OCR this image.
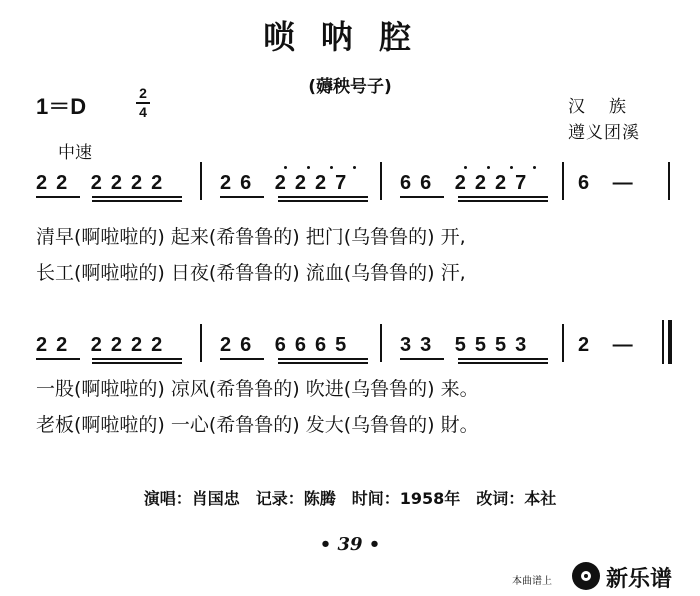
唢呐腔
(薅秧号子)
1＝D
2
4
中速
汉族
遵义团溪
22 2222 26 2227 66 2227 6 —
清早(啊啦啦的) 起来(希鲁鲁的) 把门(乌鲁鲁的) 开,
长工(啊啦啦的) 日夜(希鲁鲁的) 流血(乌鲁鲁的) 汗,
22 2222 26 6665 33 5553 2 —
一股(啊啦啦的) 凉风(希鲁鲁的) 吹进(乌鲁鲁的) 来。
老板(啊啦啦的) 一心(希鲁鲁的) 发大(乌鲁鲁的) 財。
演唱：肖国忠　记录：陈腾　时间：1958年　改词：本社
• 39 •
本曲谱上 新乐谱
